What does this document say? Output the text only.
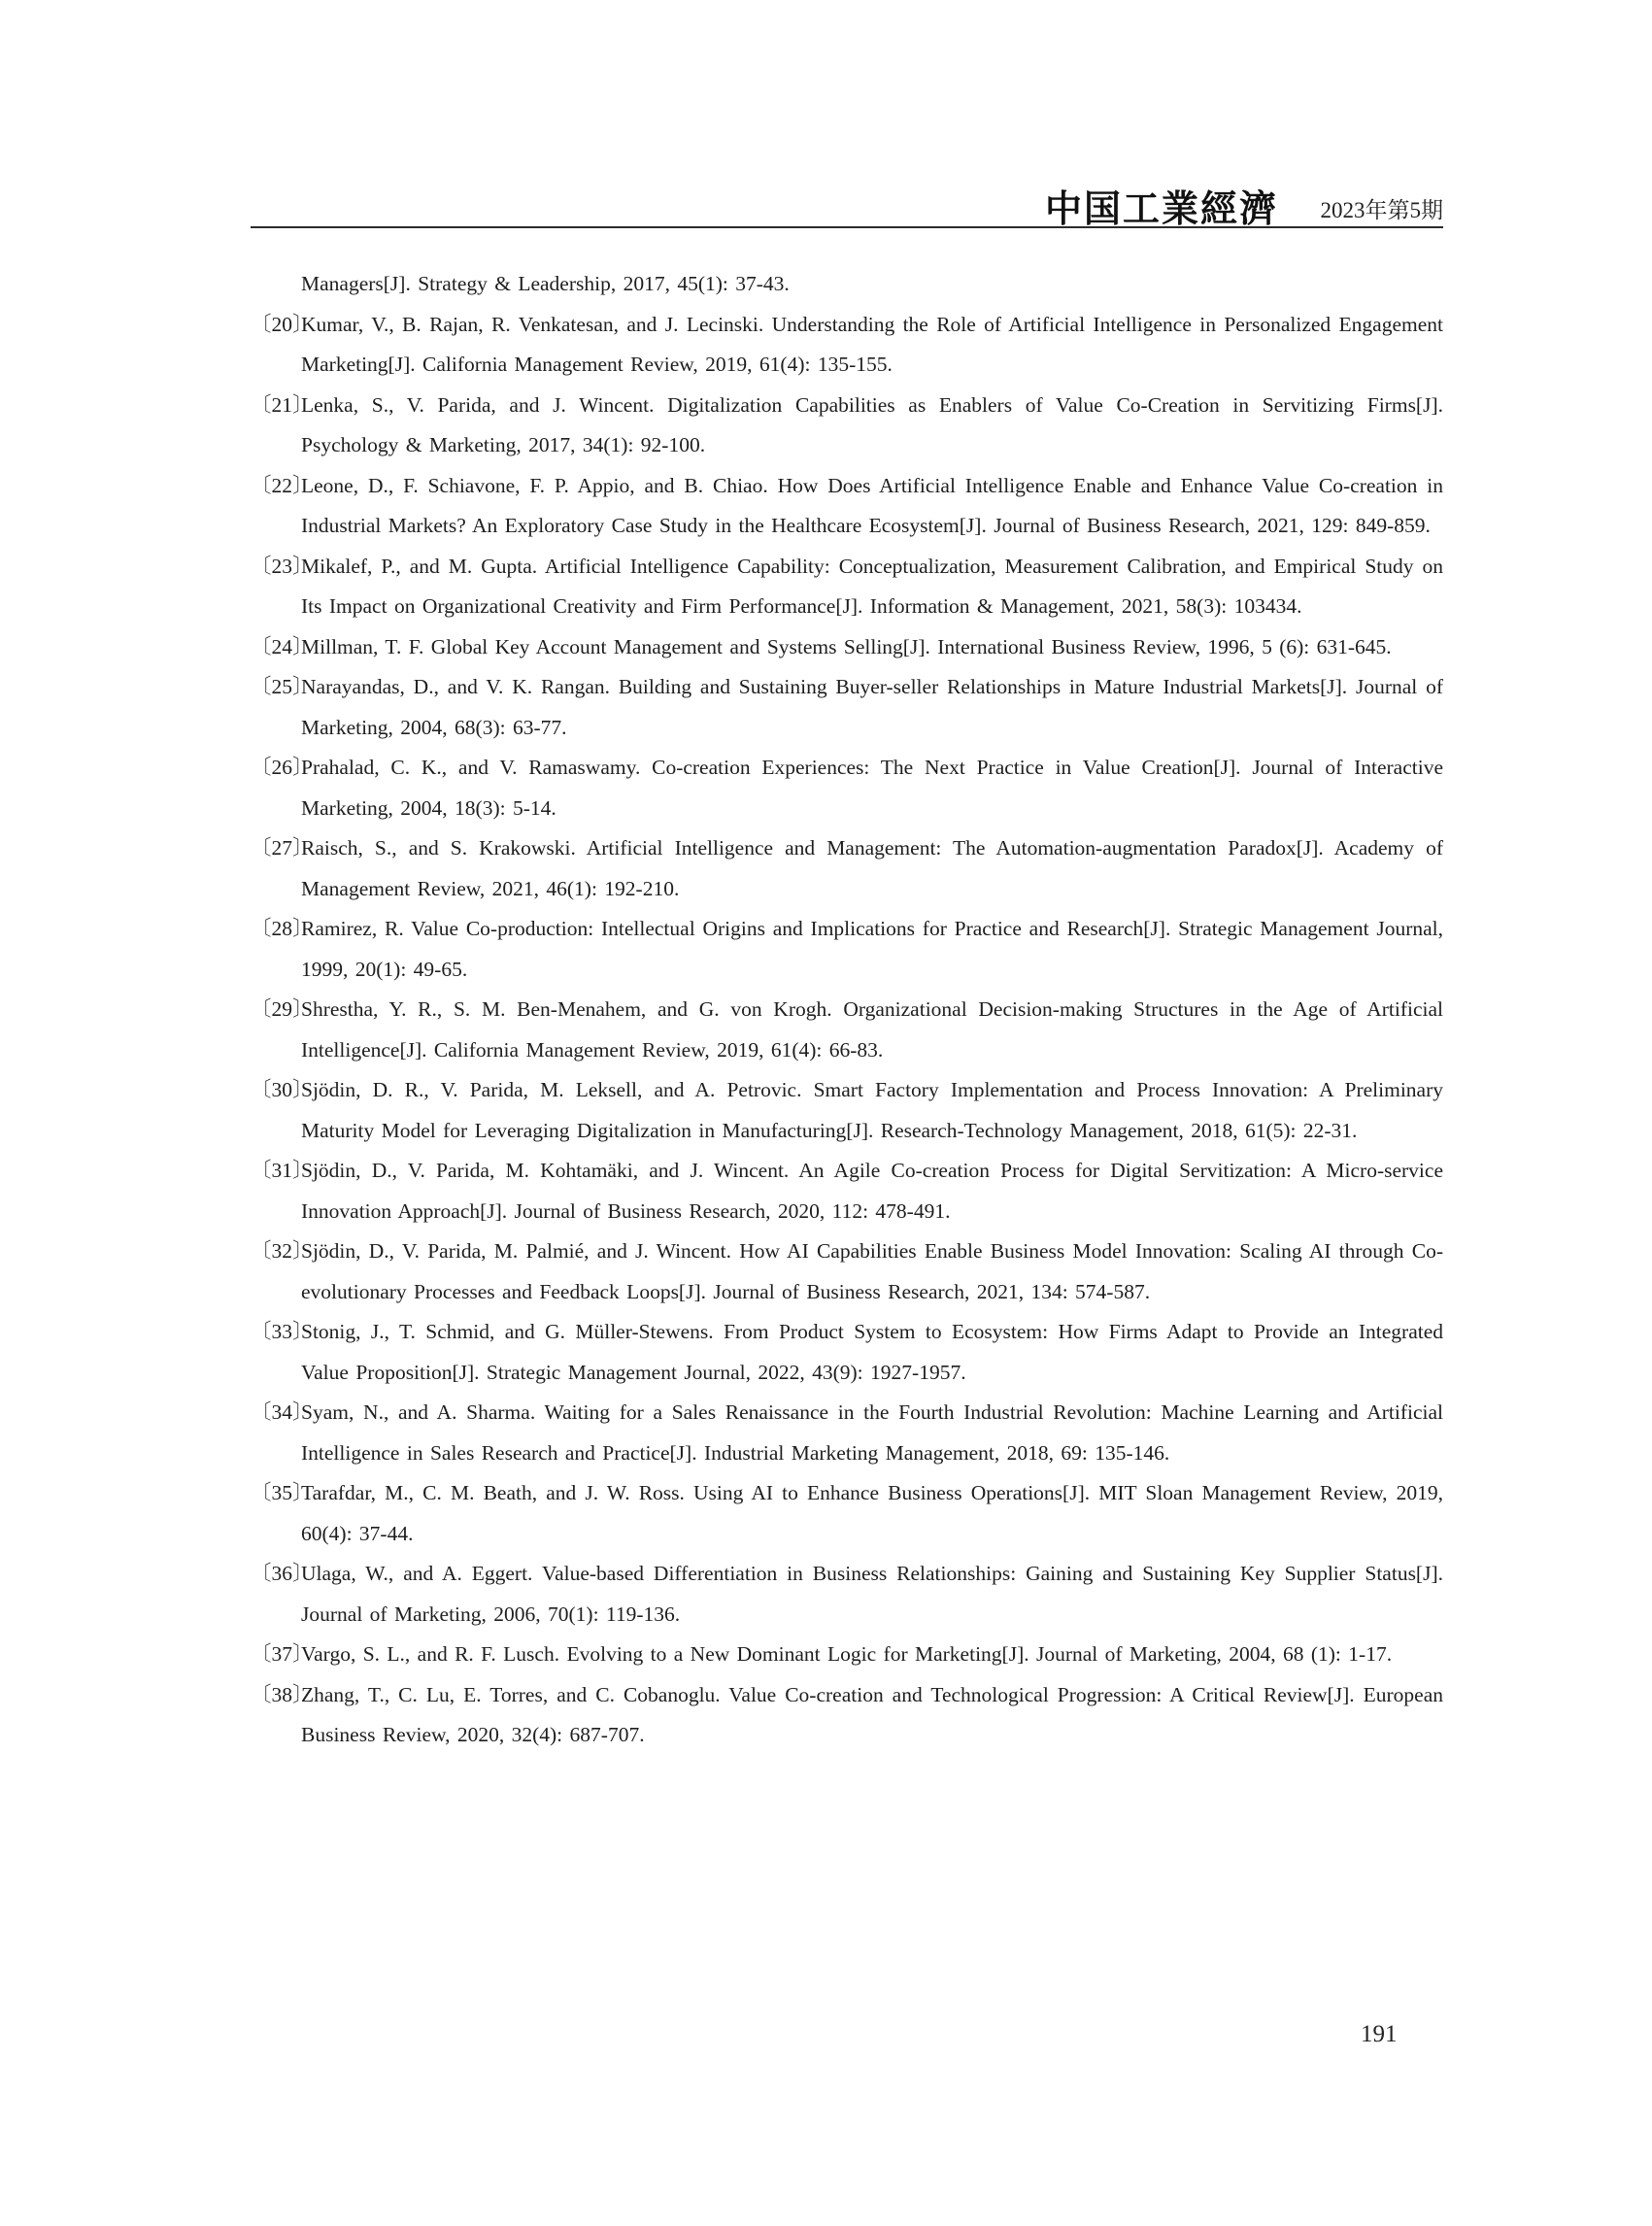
中国工業經濟 2023年第5期
Managers[J]. Strategy & Leadership, 2017, 45(1): 37-43.
〔20〕Kumar, V., B. Rajan, R. Venkatesan, and J. Lecinski. Understanding the Role of Artificial Intelligence in Personalized Engagement Marketing[J]. California Management Review, 2019, 61(4): 135-155.
〔21〕Lenka, S., V. Parida, and J. Wincent. Digitalization Capabilities as Enablers of Value Co-Creation in Servitizing Firms[J]. Psychology & Marketing, 2017, 34(1): 92-100.
〔22〕Leone, D., F. Schiavone, F. P. Appio, and B. Chiao. How Does Artificial Intelligence Enable and Enhance Value Co-creation in Industrial Markets? An Exploratory Case Study in the Healthcare Ecosystem[J]. Journal of Business Research, 2021, 129: 849-859.
〔23〕Mikalef, P., and M. Gupta. Artificial Intelligence Capability: Conceptualization, Measurement Calibration, and Empirical Study on Its Impact on Organizational Creativity and Firm Performance[J]. Information & Management, 2021, 58(3): 103434.
〔24〕Millman, T. F. Global Key Account Management and Systems Selling[J]. International Business Review, 1996, 5 (6): 631-645.
〔25〕Narayandas, D., and V. K. Rangan. Building and Sustaining Buyer-seller Relationships in Mature Industrial Markets[J]. Journal of Marketing, 2004, 68(3): 63-77.
〔26〕Prahalad, C. K., and V. Ramaswamy. Co-creation Experiences: The Next Practice in Value Creation[J]. Journal of Interactive Marketing, 2004, 18(3): 5-14.
〔27〕Raisch, S., and S. Krakowski. Artificial Intelligence and Management: The Automation-augmentation Paradox[J]. Academy of Management Review, 2021, 46(1): 192-210.
〔28〕Ramirez, R. Value Co-production: Intellectual Origins and Implications for Practice and Research[J]. Strategic Management Journal, 1999, 20(1): 49-65.
〔29〕Shrestha, Y. R., S. M. Ben-Menahem, and G. von Krogh. Organizational Decision-making Structures in the Age of Artificial Intelligence[J]. California Management Review, 2019, 61(4): 66-83.
〔30〕Sjödin, D. R., V. Parida, M. Leksell, and A. Petrovic. Smart Factory Implementation and Process Innovation: A Preliminary Maturity Model for Leveraging Digitalization in Manufacturing[J]. Research-Technology Management, 2018, 61(5): 22-31.
〔31〕Sjödin, D., V. Parida, M. Kohtamäki, and J. Wincent. An Agile Co-creation Process for Digital Servitization: A Micro-service Innovation Approach[J]. Journal of Business Research, 2020, 112: 478-491.
〔32〕Sjödin, D., V. Parida, M. Palmié, and J. Wincent. How AI Capabilities Enable Business Model Innovation: Scaling AI through Co-evolutionary Processes and Feedback Loops[J]. Journal of Business Research, 2021, 134: 574-587.
〔33〕Stonig, J., T. Schmid, and G. Müller-Stewens. From Product System to Ecosystem: How Firms Adapt to Provide an Integrated Value Proposition[J]. Strategic Management Journal, 2022, 43(9): 1927-1957.
〔34〕Syam, N., and A. Sharma. Waiting for a Sales Renaissance in the Fourth Industrial Revolution: Machine Learning and Artificial Intelligence in Sales Research and Practice[J]. Industrial Marketing Management, 2018, 69: 135-146.
〔35〕Tarafdar, M., C. M. Beath, and J. W. Ross. Using AI to Enhance Business Operations[J]. MIT Sloan Management Review, 2019, 60(4): 37-44.
〔36〕Ulaga, W., and A. Eggert. Value-based Differentiation in Business Relationships: Gaining and Sustaining Key Supplier Status[J]. Journal of Marketing, 2006, 70(1): 119-136.
〔37〕Vargo, S. L., and R. F. Lusch. Evolving to a New Dominant Logic for Marketing[J]. Journal of Marketing, 2004, 68 (1): 1-17.
〔38〕Zhang, T., C. Lu, E. Torres, and C. Cobanoglu. Value Co-creation and Technological Progression: A Critical Review[J]. European Business Review, 2020, 32(4): 687-707.
191
